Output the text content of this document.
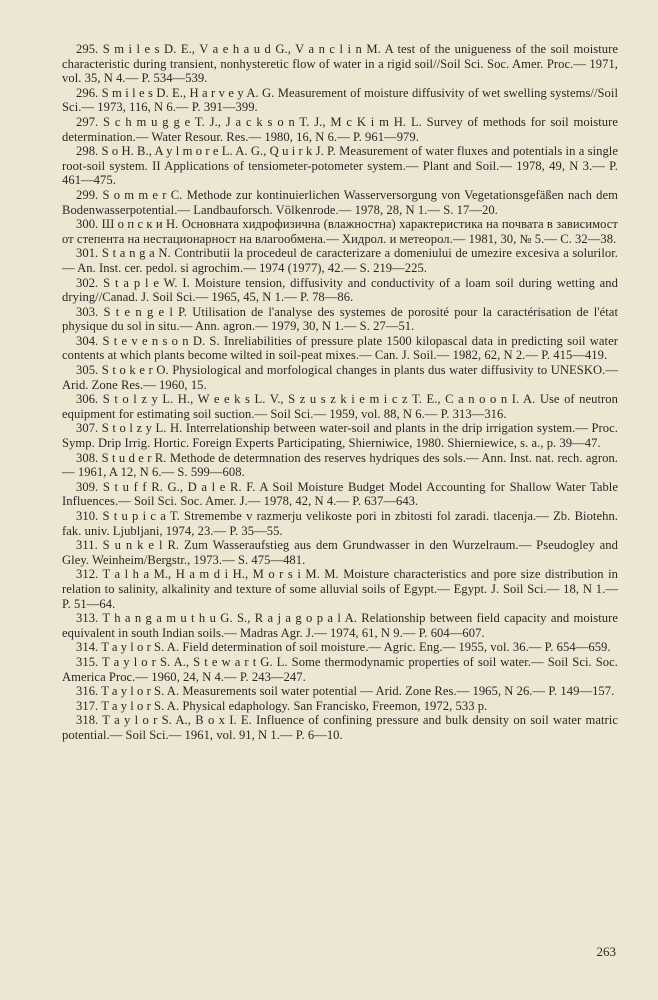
295. S m i l e s D. E., V a e h a u d G., V a n c l i n M. A test of the unigueness of the soil moisture characteristic during transient, nonhysteretic flow of water in a rigid soil//Soil Sci. Soc. Amer. Proc.— 1971, vol. 35, N 4.— P. 534—539.

296. S m i l e s D. E., H a r v e y A. G. Measurement of moisture diffusivity of wet swelling systems//Soil Sci.— 1973, 116, N 6.— P. 391—399.

297. S c h m u g g e T. J., J a c k s o n T. J., M c K i m H. L. Survey of methods for soil moisture determination.— Water Resour. Res.— 1980, 16, N 6.— P. 961—979.

298. S o H. B., A y l m o r e L. A. G., Q u i r k J. P. Measurement of water fluxes and potentials in a single root-soil system. II Applications of tensiometer-potometer system.— Plant and Soil.— 1978, 49, N 3.— P. 461—475.

299. S o m m e r C. Methode zur kontinuierlichen Wasserversorgung von Vegetationsgefäßen nach dem Bodenwasserpotential.— Landbauforsch. Völkenrode.— 1978, 28, N 1.— S. 17—20.

300. Ш о п с к и Н. Основната хидрофизична (влажностна) характеристика на почвата в зависимост от степента на нестационарност на влагообмена.— Хидрол. и метеорол.— 1981, 30, № 5.— С. 32—38.

301. S t a n g a N. Contributii la procedeul de caracterizare a domeniului de umezire excesiva a solurilor.— An. Inst. cer. pedol. si agrochim.— 1974 (1977), 42.— S. 219—225.

302. S t a p l e W. I. Moisture tension, diffusivity and conductivity of a loam soil during wetting and drying//Canad. J. Soil Sci.— 1965, 45, N 1.— P. 78—86.

303. S t e n g e l P. Utilisation de l'analyse des systemes de porosité pour la caractérisation de l'état physique du sol in situ.— Ann. agron.— 1979, 30, N 1.— S. 27—51.

304. S t e v e n s o n D. S. Inreliabilities of pressure plate 1500 kilopascal data in predicting soil water contents at which plants become wilted in soil-peat mixes.— Can. J. Soil.— 1982, 62, N 2.— P. 415—419.

305. S t o k e r O. Physiological and morfological changes in plants dus water diffusivity to UNESKO.— Arid. Zone Res.— 1960, 15.

306. S t o l z y L. H., W e e k s L. V., S z u s z k i e m i c z T. E., C a n o o n I. A. Use of neutron equipment for estimating soil suction.— Soil Sci.— 1959, vol. 88, N 6.— P. 313—316.

307. S t o l z y L. H. Interrelationship between water-soil and plants in the drip irrigation system.— Proc. Symp. Drip Irrig. Hortic. Foreign Experts Participating, Shierniwice, 1980. Shierniewice, s. a., p. 39—47.

308. S t u d e r R. Methode de determnation des reserves hydriques des sols.— Ann. Inst. nat. rech. agron.— 1961, A 12, N 6.— S. 599—608.

309. S t u f f R. G., D a l e R. F. A Soil Moisture Budget Model Accounting for Shallow Water Table Influences.— Soil Sci. Soc. Amer. J.— 1978, 42, N 4.— P. 637—643.

310. S t u p i c a T. Stremembe v razmerju velikoste pori in zbitosti fol zaradi. tlacenja.— Zb. Biotehn. fak. univ. Ljubljani, 1974, 23.— P. 35—55.

311. S u n k e l R. Zum Wasseraufstieg aus dem Grundwasser in den Wurzelraum.— Pseudogley and Gley. Weinheim/Bergstr., 1973.— S. 475—481.

312. T a l h a M., H a m d i H., M o r s i M. M. Moisture characteristics and pore size distribution in relation to salinity, alkalinity and texture of some alluvial soils of Egypt.— Egypt. J. Soil Sci.— 18, N 1.— P. 51—64.

313. T h a n g a m u t h u G. S., R a j a g o p a l A. Relationship between field capacity and moisture equivalent in south Indian soils.— Madras Agr. J.— 1974, 61, N 9.— P. 604—607.

314. T a y l o r S. A. Field determination of soil moisture.— Agric. Eng.— 1955, vol. 36.— P. 654—659.

315. T a y l o r S. A., S t e w a r t G. L. Some thermodynamic properties of soil water.— Soil Sci. Soc. America Proc.— 1960, 24, N 4.— P. 243—247.

316. T a y l o r S. A. Measurements soil water potential — Arid. Zone Res.— 1965, N 26.— P. 149—157.

317. T a y l o r S. A. Physical edaphology. San Francisko, Freemon, 1972, 533 p.

318. T a y l o r S. A., B o x I. E. Influence of confining pressure and bulk density on soil water matric potential.— Soil Sci.— 1961, vol. 91, N 1.— P. 6—10.

263
